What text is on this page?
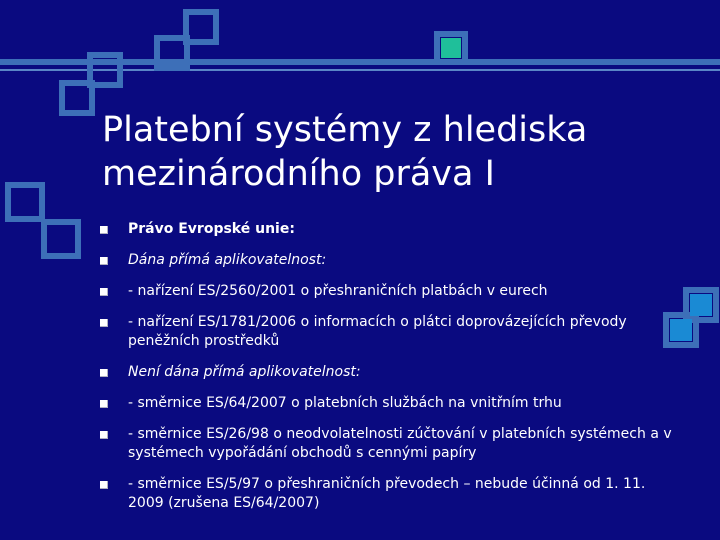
Platební systémy z hlediska
mezinárodního práva I
Právo Evropské unie:
Dána přímá aplikovatelnost:
- nařízení ES/2560/2001 o přeshraničních platbách v eurech
- nařízení ES/1781/2006 o informacích o plátci doprovázejících převody peněžních prostředků
Není dána přímá aplikovatelnost:
- směrnice ES/64/2007 o platebních službách na vnitřním trhu
- směrnice ES/26/98 o neodvolatelnosti zúčtování v platebních systémech a v systémech vypořádání obchodů s cennými papíry
- směrnice ES/5/97 o přeshraničních převodech – nebude účinná od 1. 11. 2009 (zrušena ES/64/2007)
